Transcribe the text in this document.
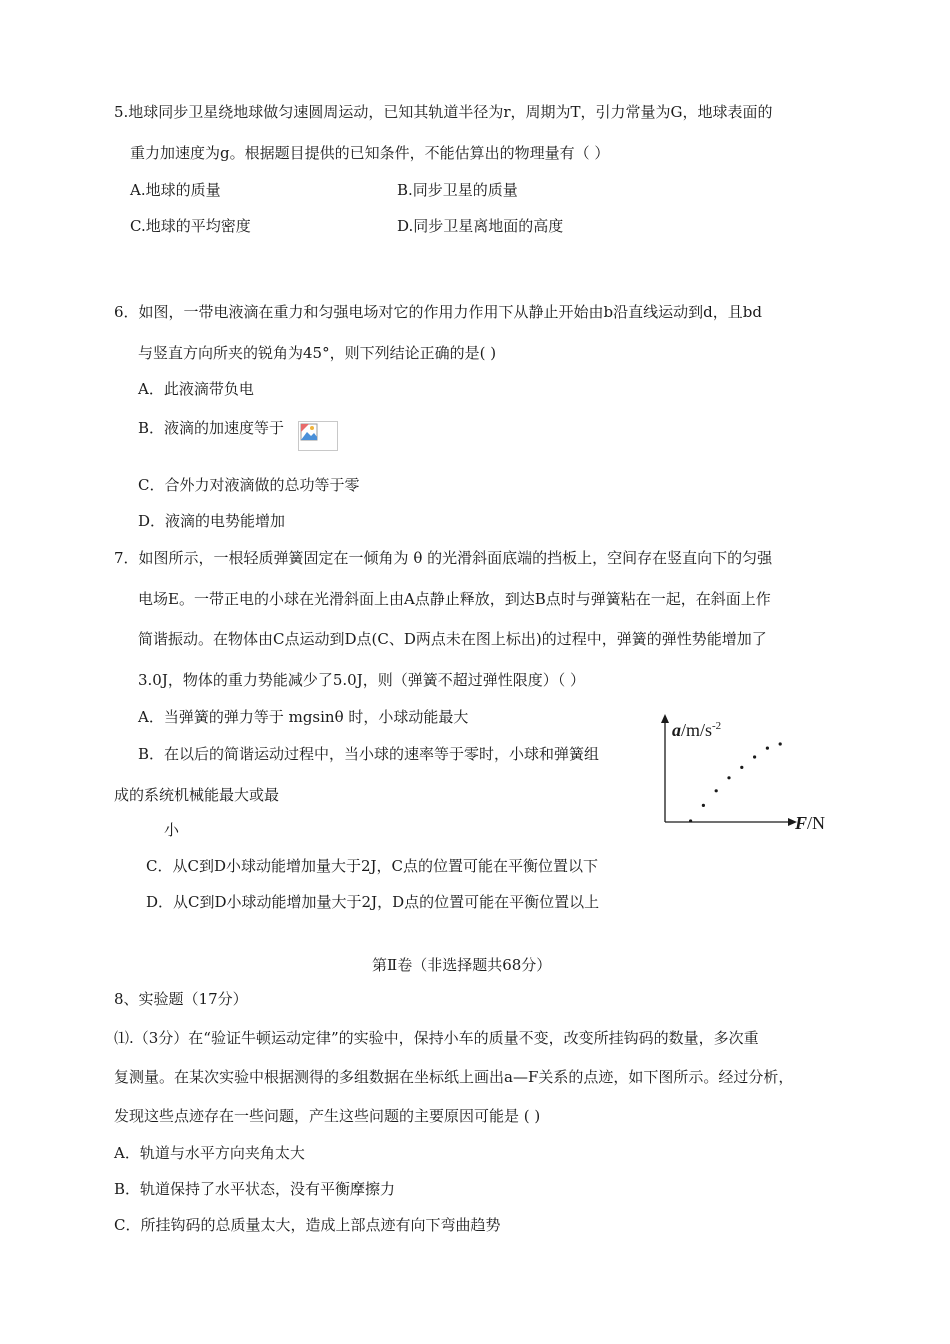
5.地球同步卫星绕地球做匀速圆周运动，已知其轨道半径为r，周期为T，引力常量为G，地球表面的
重力加速度为g。根据题目提供的已知条件，不能估算出的物理量有（ ）
A.地球的质量	B.同步卫星的质量
C.地球的平均密度	D.同步卫星离地面的高度
6．如图，一带电液滴在重力和匀强电场对它的作用力作用下从静止开始由b沿直线运动到d，且bd
与竖直方向所夹的锐角为45°，则下列结论正确的是( )
A．此液滴带负电
B．液滴的加速度等于
C．合外力对液滴做的总功等于零
D．液滴的电势能增加
7．如图所示，一根轻质弹簧固定在一倾角为 θ 的光滑斜面底端的挡板上，空间存在竖直向下的匀强
电场E。一带正电的小球在光滑斜面上由A点静止释放，到达B点时与弹簧粘在一起，在斜面上作
简谐振动。在物体由C点运动到D点(C、D两点未在图上标出)的过程中，弹簧的弹性势能增加了
3.0J，物体的重力势能减少了5.0J，则（弹簧不超过弹性限度）（ ）
A．当弹簧的弹力等于 mgsinθ 时，小球动能最大
B．在以后的简谐运动过程中，当小球的速率等于零时，小球和弹簧组
成的系统机械能最大或最
小
C．从C到D小球动能增加量大于2J，C点的位置可能在平衡位置以下
D．从C到D小球动能增加量大于2J，D点的位置可能在平衡位置以上
$a/m/s^{-2}$
F/N
第Ⅱ卷（非选择题共68分）
8、实验题（17分）
⑴.（3分）在“验证牛顿运动定律”的实验中，保持小车的质量不变，改变所挂钩码的数量，多次重
复测量。在某次实验中根据测得的多组数据在坐标纸上画出a—F关系的点迹，如下图所示。经过分析，
发现这些点迹存在一些问题，产生这些问题的主要原因可能是 ( )
A．轨道与水平方向夹角太大
B．轨道保持了水平状态，没有平衡摩擦力
C．所挂钩码的总质量太大，造成上部点迹有向下弯曲趋势
